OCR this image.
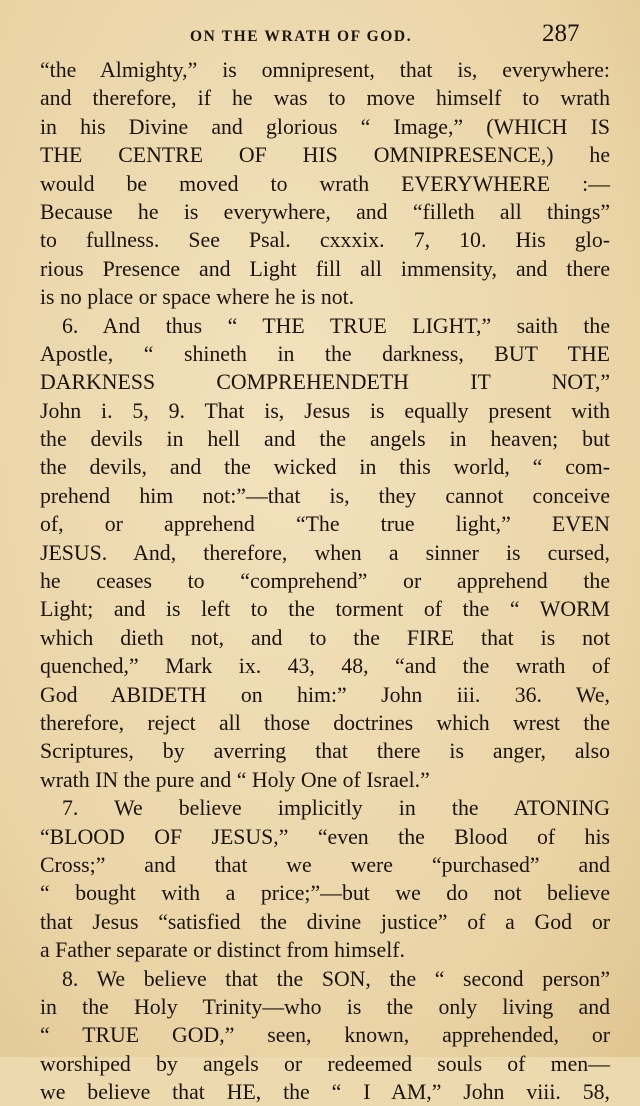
ON THE WRATH OF GOD.	287
“the Almighty,” is omnipresent, that is, everywhere:
and therefore, if he was to move himself to wrath
in his Divine and glorious “ Image,” (WHICH IS
THE CENTRE OF HIS OMNIPRESENCE,) he
would be moved to wrath EVERYWHERE :—
Because he is everywhere, and “filleth all things”
to fullness. See Psal. cxxxix. 7, 10. His glo-
rious Presence and Light fill all immensity, and there
is no place or space where he is not.
6. And thus “ THE TRUE LIGHT,” saith the
Apostle, “ shineth in the darkness, BUT THE
DARKNESS COMPREHENDETH IT NOT,”
John i. 5, 9. That is, Jesus is equally present with
the devils in hell and the angels in heaven; but
the devils, and the wicked in this world, “ com-
prehend him not:”—that is, they cannot conceive
of, or apprehend “The true light,” EVEN
JESUS. And, therefore, when a sinner is cursed,
he ceases to “comprehend” or apprehend the
Light; and is left to the torment of the “ WORM
which dieth not, and to the FIRE that is not
quenched,” Mark ix. 43, 48, “and the wrath of
God ABIDETH on him:” John iii. 36. We,
therefore, reject all those doctrines which wrest the
Scriptures, by averring that there is anger, also
wrath IN the pure and “ Holy One of Israel.”
7. We believe implicitly in the ATONING
“BLOOD OF JESUS,” “even the Blood of his
Cross;” and that we were “purchased” and
“ bought with a price;”—but we do not believe
that Jesus “satisfied the divine justice” of a God or
a Father separate or distinct from himself.
8. We believe that the SON, the “ second person”
in the Holy Trinity—who is the only living and
“ TRUE GOD,” seen, known, apprehended, or
worshiped by angels or redeemed souls of men—
we believe that HE, the “ I AM,” John viii. 58,
